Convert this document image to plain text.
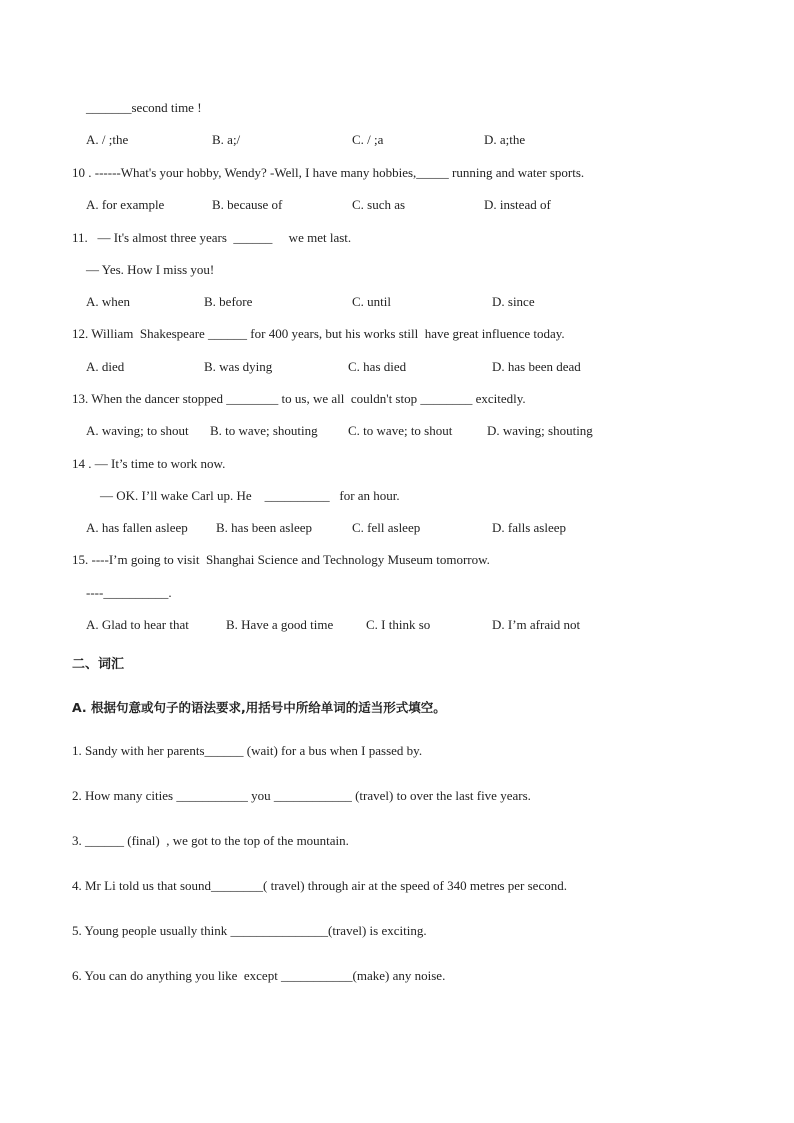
_______second time !
A. / ;the	B. a;/	C. / ;a	D. a;the
10 . ------What's your hobby, Wendy? -Well, I have many hobbies,_____ running and water sports.
A. for example	B. because of	C. such as	D. instead of
11.   — It's almost three years  ______     we met last.
— Yes. How I miss you!
A. when	B. before	C. until	D. since
12. William  Shakespeare ______ for 400 years, but his works still  have great influence today.
A. died	B. was dying	C. has died	D. has been dead
13. When the dancer stopped ________ to us, we all  couldn't stop ________ excitedly.
A. waving; to shout B. to wave; shouting C. to wave; to shout	D. waving; shouting
14 . — It’s time to work now.
— OK. I’ll wake Carl up. He    __________   for an hour.
A. has fallen asleep B. has been asleep	C. fell asleep	D. falls asleep
15. ----I’m going to visit  Shanghai Science and Technology Museum tomorrow.
----__________.
A. Glad to hear that	B. Have a good time	C. I think so	D. I’m afraid not
二、词汇
A. 根据句意或句子的语法要求,用括号中所给单词的适当形式填空。
1. Sandy with her parents______ (wait) for a bus when I passed by.
2. How many cities ___________ you ____________ (travel) to over the last five years.
3. ______ (final)  , we got to the top of the mountain.
4. Mr Li told us that sound________( travel) through air at the speed of 340 metres per second.
5. Young people usually think _______________(travel) is exciting.
6. You can do anything you like  except ___________(make) any noise.
